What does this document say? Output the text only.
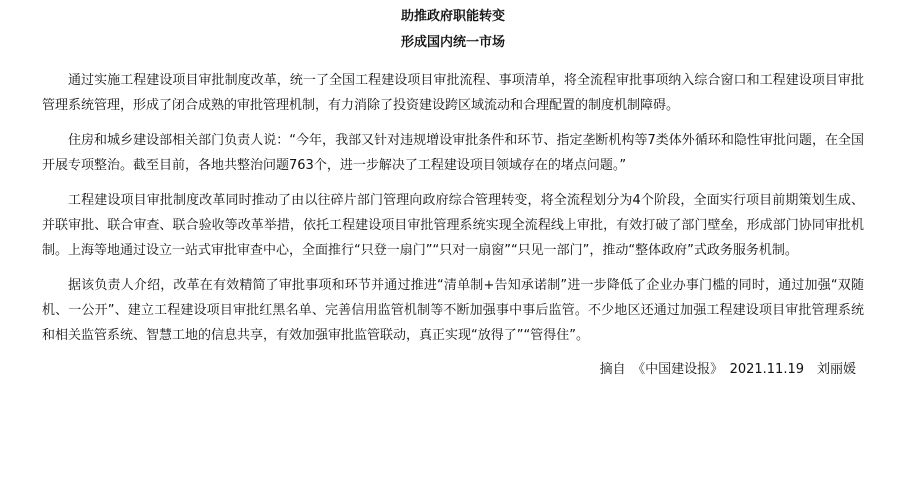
助推政府职能转变
形成国内统一市场

通过实施工程建设项目审批制度改革，统一了全国工程建设项目审批流程、事项清单，将全流程审批事项纳入综合窗口和工程建设项目审批管理系统管理，形成了闭合成熟的审批管理机制，有力消除了投资建设跨区域流动和合理配置的制度机制障碍。

住房和城乡建设部相关部门负责人说：“今年，我部又针对违规增设审批条件和环节、指定垄断机构等7类体外循环和隐性审批问题，在全国开展专项整治。截至目前，各地共整治问题763个，进一步解决了工程建设项目领域存在的堵点问题。”

工程建设项目审批制度改革同时推动了由以往碎片部门管理向政府综合管理转变，将全流程划分为4个阶段，全面实行项目前期策划生成、并联审批、联合审查、联合验收等改革举措，依托工程建设项目审批管理系统实现全流程线上审批，有效打破了部门壁垒，形成部门协同审批机制。上海等地通过设立一站式审批审查中心，全面推行“只登一扇门”“只对一扇窗”“只见一部门”，推动“整体政府”式政务服务机制。

据该负责人介绍，改革在有效精简了审批事项和环节并通过推进“清单制+告知承诺制”进一步降低了企业办事门槛的同时，通过加强“双随机、一公开”、建立工程建设项目审批红黑名单、完善信用监管机制等不断加强事中事后监管。不少地区还通过加强工程建设项目审批管理系统和相关监管系统、智慧工地的信息共享，有效加强审批监管联动，真正实现“放得了”“管得住”。

摘自　《中国建设报》　2021.11.19　刘丽媛
